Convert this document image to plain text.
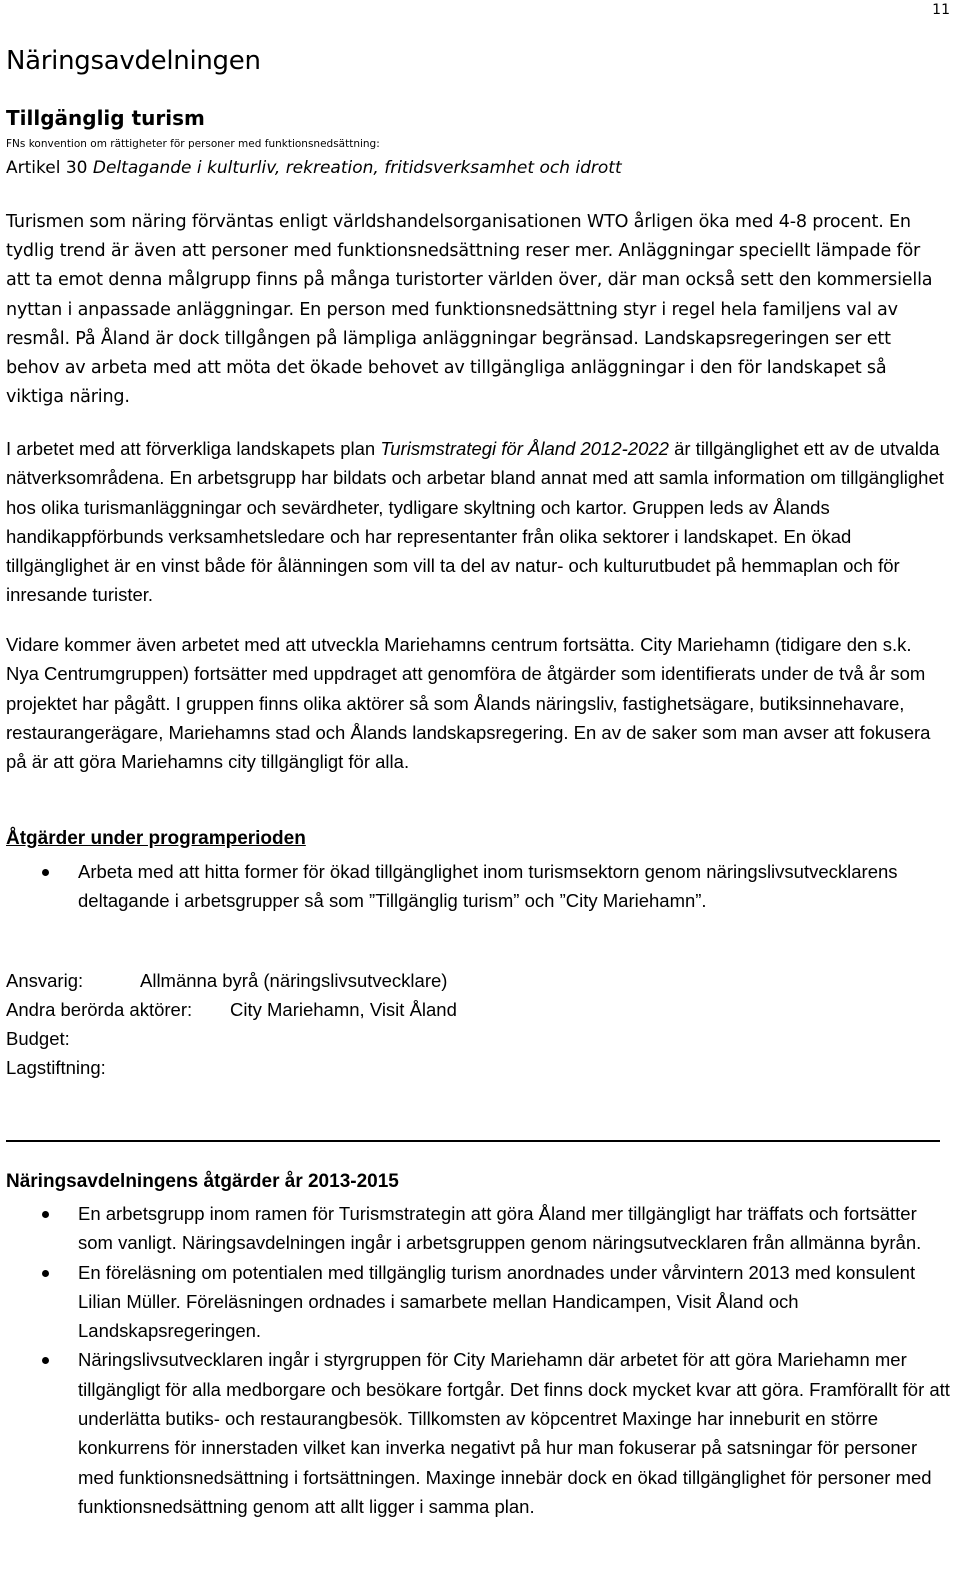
11
Näringsavdelningen
Tillgänglig turism
FNs konvention om rättigheter för personer med funktionsnedsättning:
Artikel 30 Deltagande i kulturliv, rekreation, fritidsverksamhet och idrott
Turismen som näring förväntas enligt världshandelsorganisationen WTO årligen öka med 4-8 procent. En tydlig trend är även att personer med funktionsnedsättning reser mer. Anläggningar speciellt lämpade för att ta emot denna målgrupp finns på många turistorter världen över, där man också sett den kommersiella nyttan i anpassade anläggningar. En person med funktionsnedsättning styr i regel hela familjens val av resmål. På Åland är dock tillgången på lämpliga anläggningar begränsad. Landskapsregeringen ser ett behov av arbeta med att möta det ökade behovet av tillgängliga anläggningar i den för landskapet så viktiga näring.
I arbetet med att förverkliga landskapets plan Turismstrategi för Åland 2012-2022 är tillgänglighet ett av de utvalda nätverksområdena. En arbetsgrupp har bildats och arbetar bland annat med att samla information om tillgänglighet hos olika turismanläggningar och sevärdheter, tydligare skyltning och kartor. Gruppen leds av Ålands handikappförbunds verksamhetsledare och har representanter från olika sektorer i landskapet. En ökad tillgänglighet är en vinst både för ålänningen som vill ta del av natur- och kulturutbudet på hemmaplan och för inresande turister.
Vidare kommer även arbetet med att utveckla Mariehamns centrum fortsätta. City Mariehamn (tidigare den s.k. Nya Centrumgruppen) fortsätter med uppdraget att genomföra de åtgärder som identifierats under de två år som projektet har pågått. I gruppen finns olika aktörer så som Ålands näringsliv, fastighetsägare, butiksinnehavare, restaurangerägare, Mariehamns stad och Ålands landskapsregering. En av de saker som man avser att fokusera på är att göra Mariehamns city tillgängligt för alla.
Åtgärder under programperioden
Arbeta med att hitta former för ökad tillgänglighet inom turismsektorn genom näringslivsutvecklarens deltagande i arbetsgrupper så som ”Tillgänglig turism” och ”City Mariehamn”.
Ansvarig:	Allmänna byrå (näringslivsutvecklare)
Andra berörda aktörer: City Mariehamn, Visit Åland
Budget:
Lagstiftning:
Näringsavdelningens åtgärder år 2013-2015
En arbetsgrupp inom ramen för Turismstrategin att göra Åland mer tillgängligt har träffats och fortsätter som vanligt. Näringsavdelningen ingår i arbetsgruppen genom näringsutvecklaren från allmänna byrån.
En föreläsning om potentialen med tillgänglig turism anordnades under vårvintern 2013 med konsulent Lilian Müller. Föreläsningen ordnades i samarbete mellan Handicampen, Visit Åland och Landskapsregeringen.
Näringslivsutvecklaren ingår i styrgruppen för City Mariehamn där arbetet för att göra Mariehamn mer tillgängligt för alla medborgare och besökare fortgår. Det finns dock mycket kvar att göra. Framförallt för att underlätta butiks- och restaurangbesök. Tillkomsten av köpcentret Maxinge har inneburit en större konkurrens för innerstaden vilket kan inverka negativt på hur man fokuserar på satsningar för personer med funktionsnedsättning i fortsättningen. Maxinge innebär dock en ökad tillgänglighet för personer med funktionsnedsättning genom att allt ligger i samma plan.
